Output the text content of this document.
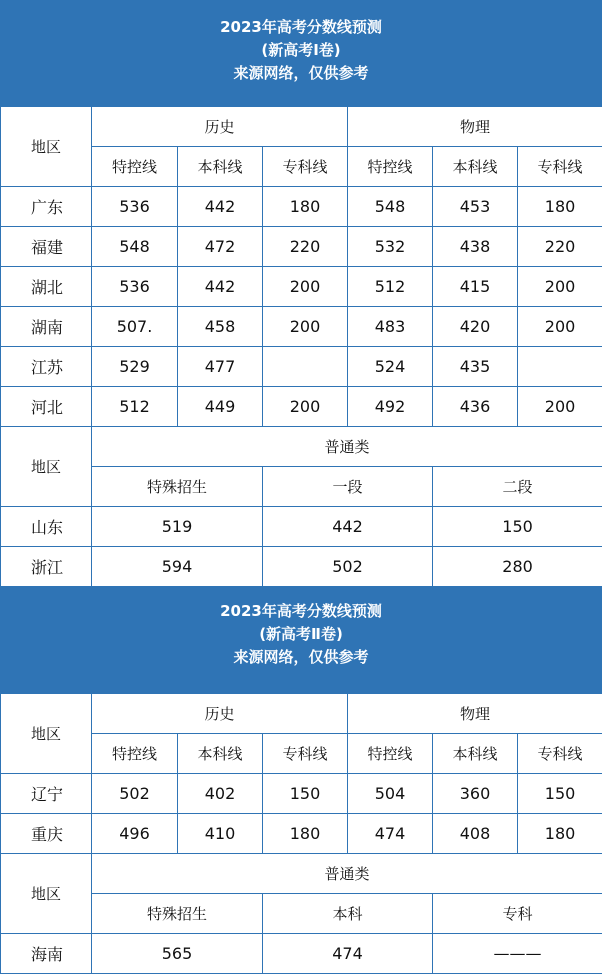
2023年高考分数线预测
(新高考I卷)
来源网络，仅供参考
地区	历史			物理		
	特控线	本科线	专科线	特控线	本科线	专科线
广东	536	442	180	548	453	180
福建	548	472	220	532	438	220
湖北	536	442	200	512	415	200
湖南	507.	458	200	483	420	200
江苏	529	477		524	435	
河北	512	449	200	492	436	200
地区	普通类					
	特殊招生		一段		二段	
山东	519		442		150	
浙江	594		502		280	
2023年高考分数线预测
(新高考Ⅱ卷)
来源网络，仅供参考
地区	历史			物理		
	特控线	本科线	专科线	特控线	本科线	专科线
辽宁	502	402	150	504	360	150
重庆	496	410	180	474	408	180
地区	普通类					
	特殊招生		本科		专科	
海南	565		474		———	
